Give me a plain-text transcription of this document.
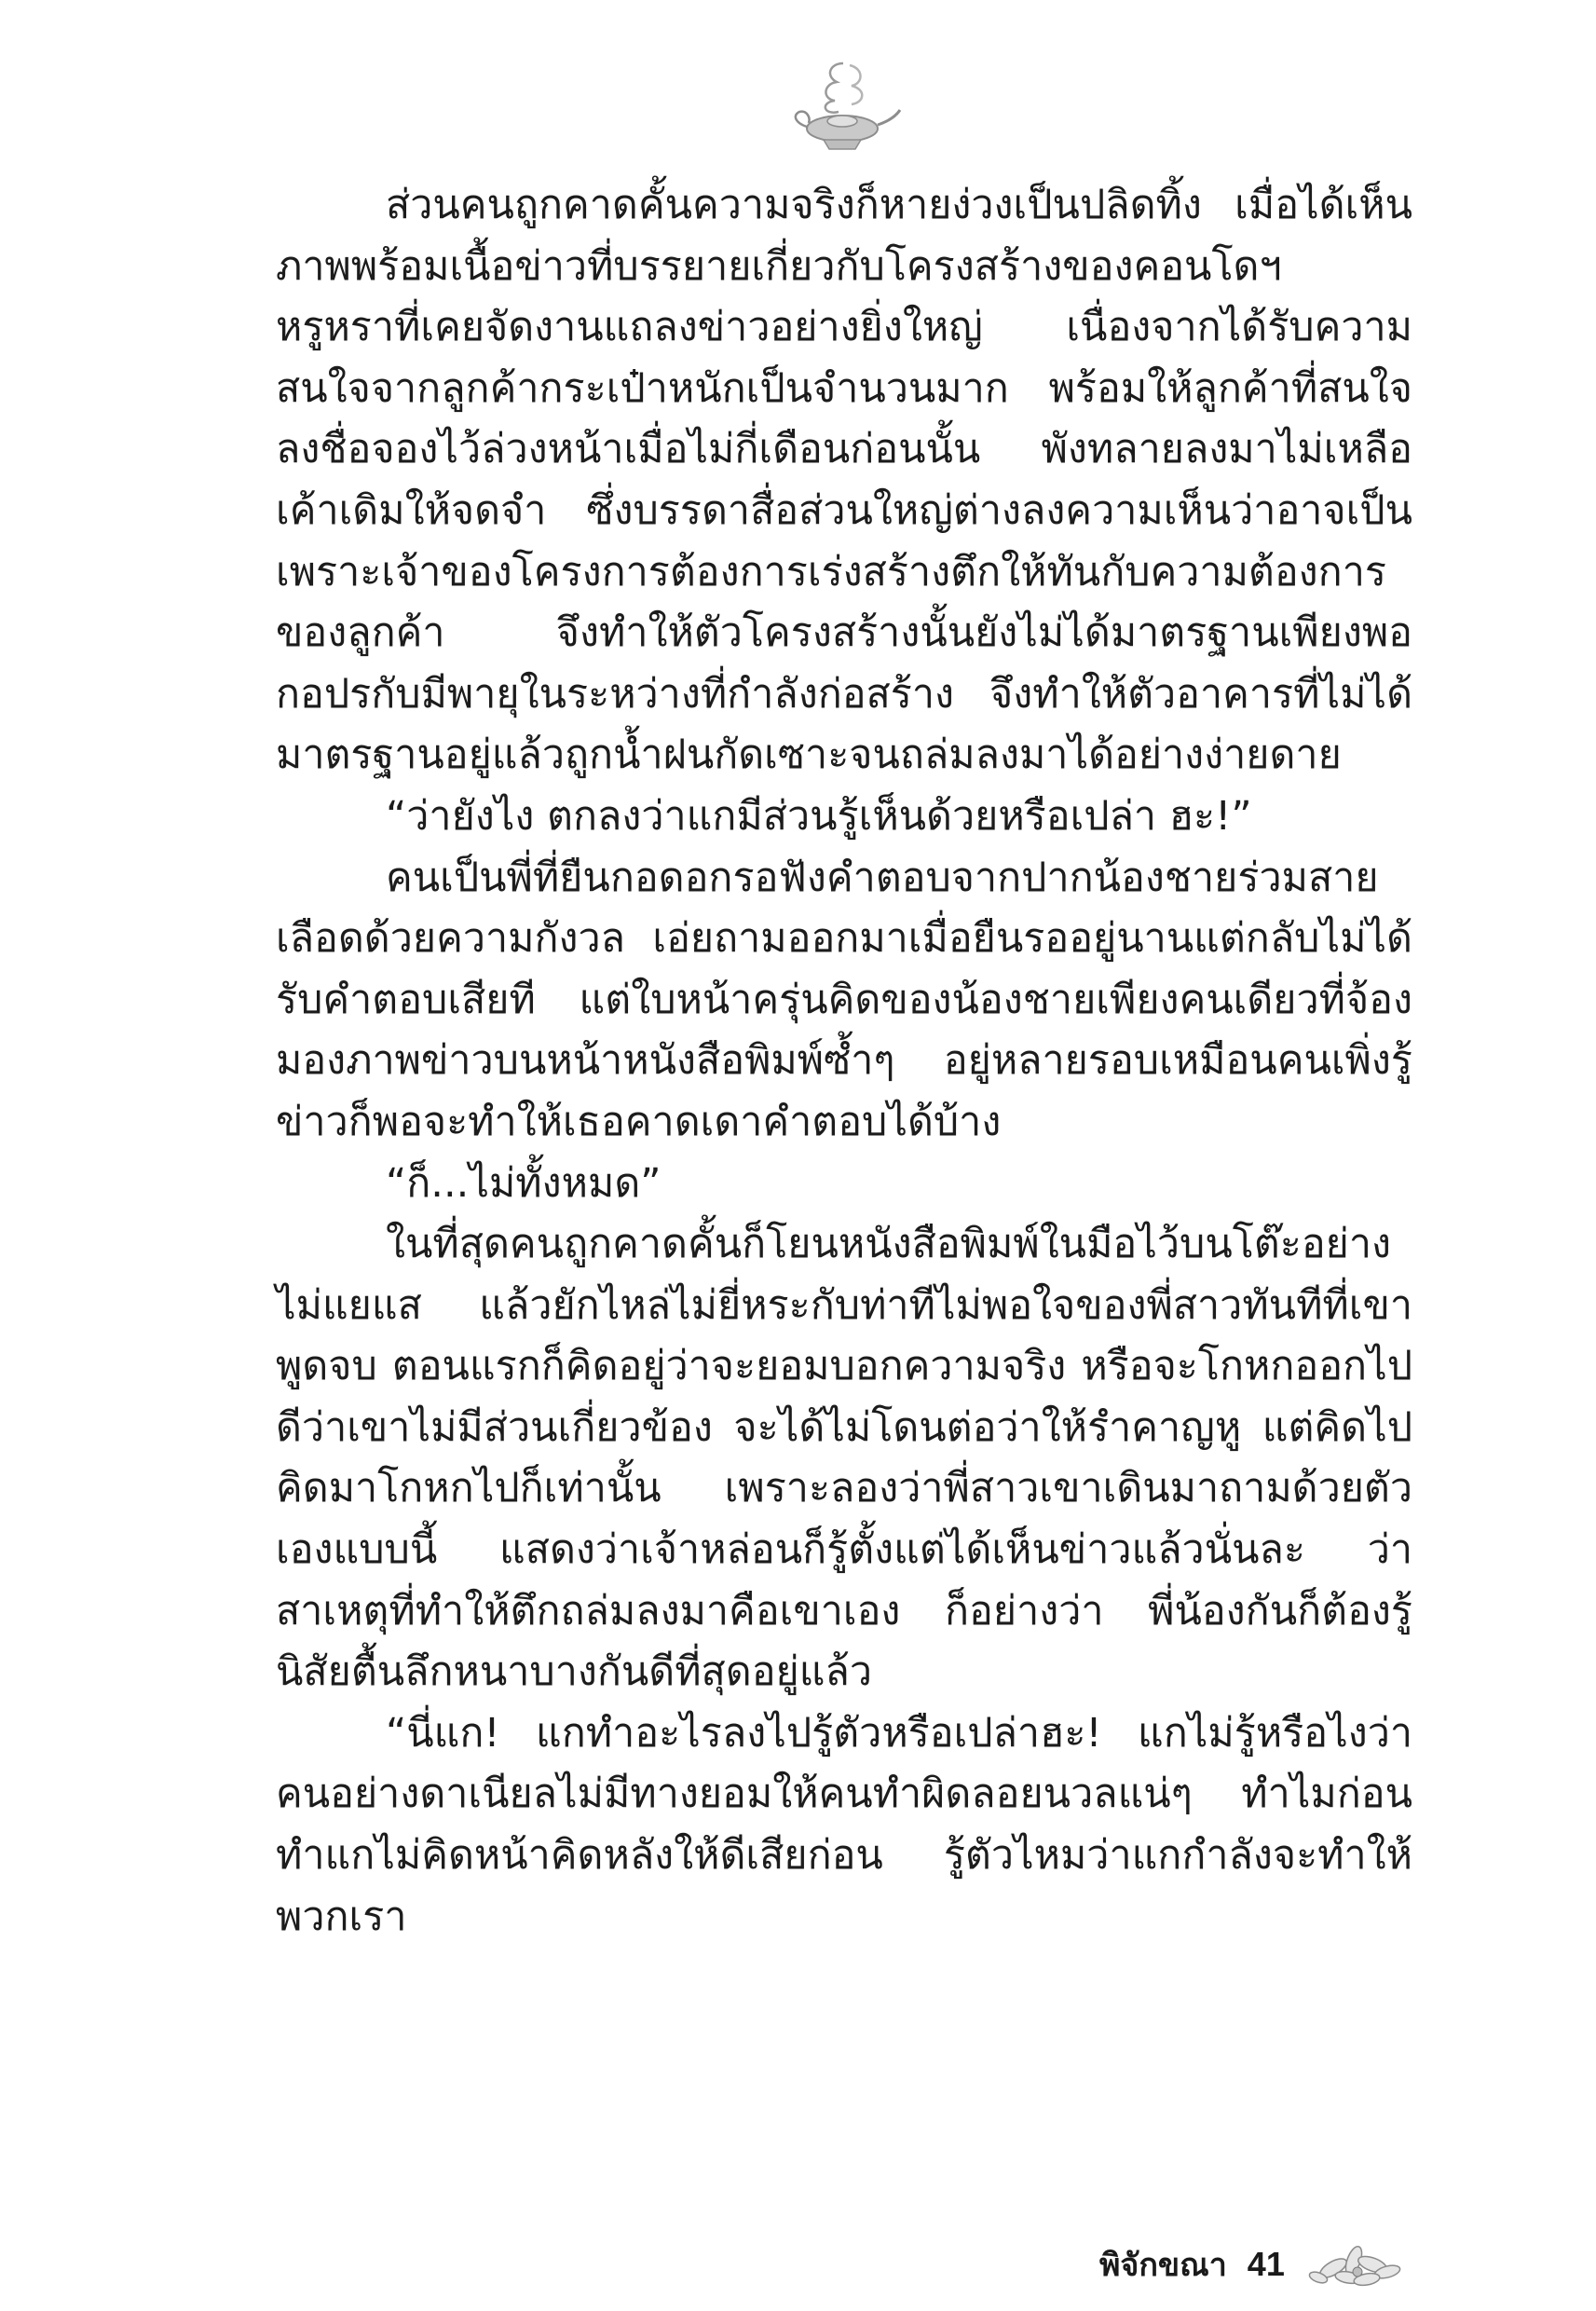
ส่วนคนถูกคาดคั้นความจริงก็หายง่วงเป็นปลิดทิ้ง เมื่อได้เห็นภาพพร้อมเนื้อข่าวที่บรรยายเกี่ยวกับโครงสร้างของคอนโดฯ หรูหราที่เคยจัดงานแถลงข่าวอย่างยิ่งใหญ่ เนื่องจากได้รับความสนใจจากลูกค้ากระเป๋าหนักเป็นจำนวนมาก พร้อมให้ลูกค้าที่สนใจลงชื่อจองไว้ล่วงหน้าเมื่อไม่กี่เดือนก่อนนั้น พังทลายลงมาไม่เหลือเค้าเดิมให้จดจำ ซึ่งบรรดาสื่อส่วนใหญ่ต่างลงความเห็นว่าอาจเป็นเพราะเจ้าของโครงการต้องการเร่งสร้างตึกให้ทันกับความต้องการของลูกค้า จึงทำให้ตัวโครงสร้างนั้นยังไม่ได้มาตรฐานเพียงพอ กอปรกับมีพายุในระหว่างที่กำลังก่อสร้าง จึงทำให้ตัวอาคารที่ไม่ได้มาตรฐานอยู่แล้วถูกน้ำฝนกัดเซาะจนถล่มลงมาได้อย่างง่ายดาย

“ว่ายังไง ตกลงว่าแกมีส่วนรู้เห็นด้วยหรือเปล่า ฮะ!”

คนเป็นพี่ที่ยืนกอดอกรอฟังคำตอบจากปากน้องชายร่วมสายเลือดด้วยความกังวล เอ่ยถามออกมาเมื่อยืนรออยู่นานแต่กลับไม่ได้รับคำตอบเสียที แต่ใบหน้าครุ่นคิดของน้องชายเพียงคนเดียวที่จ้องมองภาพข่าวบนหน้าหนังสือพิมพ์ซ้ำๆ อยู่หลายรอบเหมือนคนเพิ่งรู้ข่าวก็พอจะทำให้เธอคาดเดาคำตอบได้บ้าง

“ก็...ไม่ทั้งหมด”

ในที่สุดคนถูกคาดคั้นก็โยนหนังสือพิมพ์ในมือไว้บนโต๊ะอย่างไม่แยแส แล้วยักไหล่ไม่ยี่หระกับท่าทีไม่พอใจของพี่สาวทันทีที่เขาพูดจบ ตอนแรกก็คิดอยู่ว่าจะยอมบอกความจริง หรือจะโกหกออกไปดีว่าเขาไม่มีส่วนเกี่ยวข้อง จะได้ไม่โดนต่อว่าให้รำคาญหู แต่คิดไปคิดมาโกหกไปก็เท่านั้น เพราะลองว่าพี่สาวเขาเดินมาถามด้วยตัวเองแบบนี้ แสดงว่าเจ้าหล่อนก็รู้ตั้งแต่ได้เห็นข่าวแล้วนั่นละ ว่าสาเหตุที่ทำให้ตึกถล่มลงมาคือเขาเอง ก็อย่างว่า พี่น้องกันก็ต้องรู้นิสัยตื้นลึกหนาบางกันดีที่สุดอยู่แล้ว

“นี่แก! แกทำอะไรลงไปรู้ตัวหรือเปล่าฮะ! แกไม่รู้หรือไงว่าคนอย่างดาเนียลไม่มีทางยอมให้คนทำผิดลอยนวลแน่ๆ ทำไมก่อนทำแกไม่คิดหน้าคิดหลังให้ดีเสียก่อน รู้ตัวไหมว่าแกกำลังจะทำให้พวกเรา

พิจักขณา 41
